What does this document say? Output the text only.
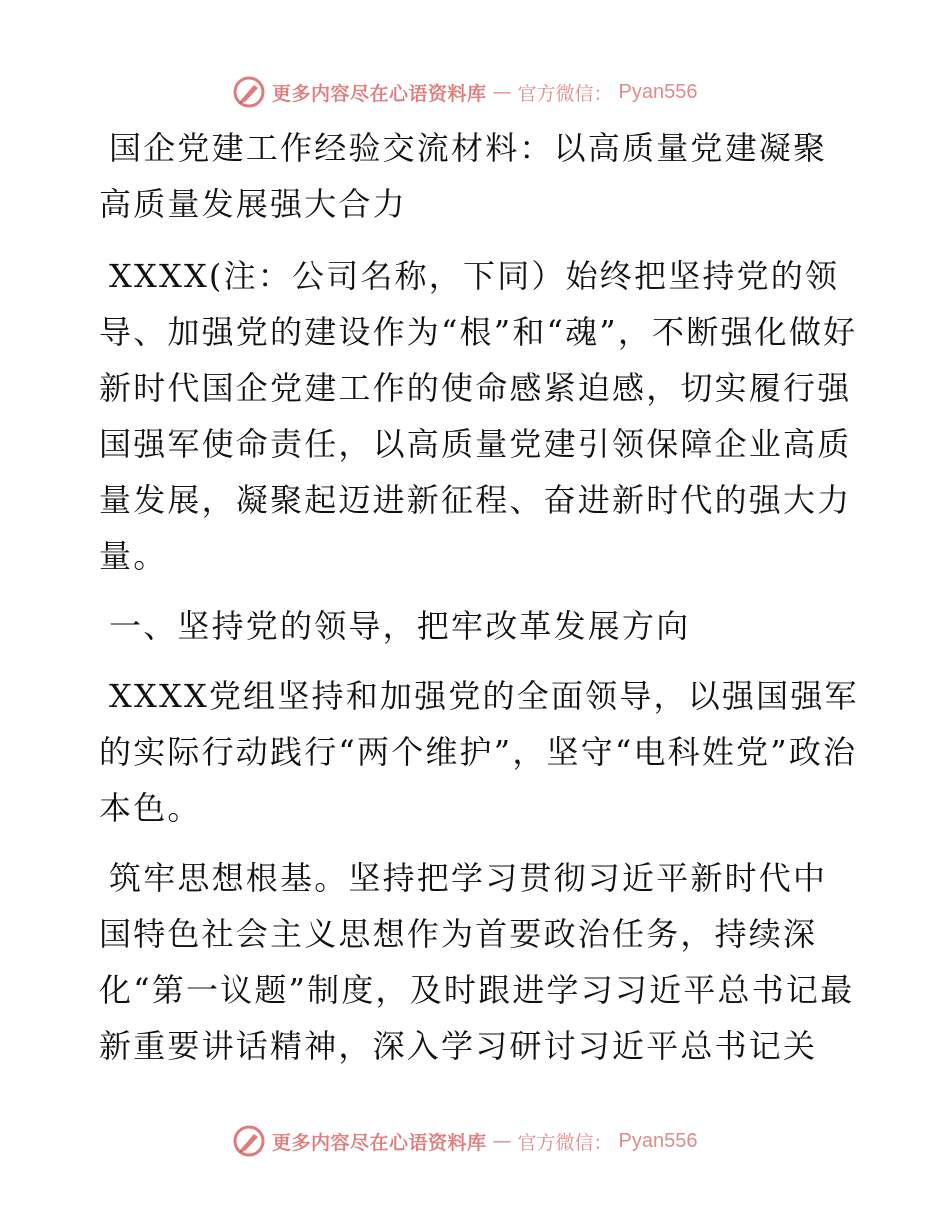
更多内容尽在心语资料库 — 官方微信： Pyan556

国企党建工作经验交流材料：以高质量党建凝聚高质量发展强大合力

XXXX(注：公司名称，下同）始终把坚持党的领导、加强党的建设作为“根”和“魂”，不断强化做好新时代国企党建工作的使命感紧迫感，切实履行强国强军使命责任，以高质量党建引领保障企业高质量发展，凝聚起迈进新征程、奋进新时代的强大力量。

一、坚持党的领导，把牢改革发展方向

XXXX党组坚持和加强党的全面领导，以强国强军的实际行动践行“两个维护”，坚守“电科姓党”政治本色。

筑牢思想根基。坚持把学习贯彻习近平新时代中国特色社会主义思想作为首要政治任务，持续深化“第一议题”制度，及时跟进学习习近平总书记最新重要讲话精神，深入学习研讨习近平总书记关

更多内容尽在心语资料库 — 官方微信： Pyan556
